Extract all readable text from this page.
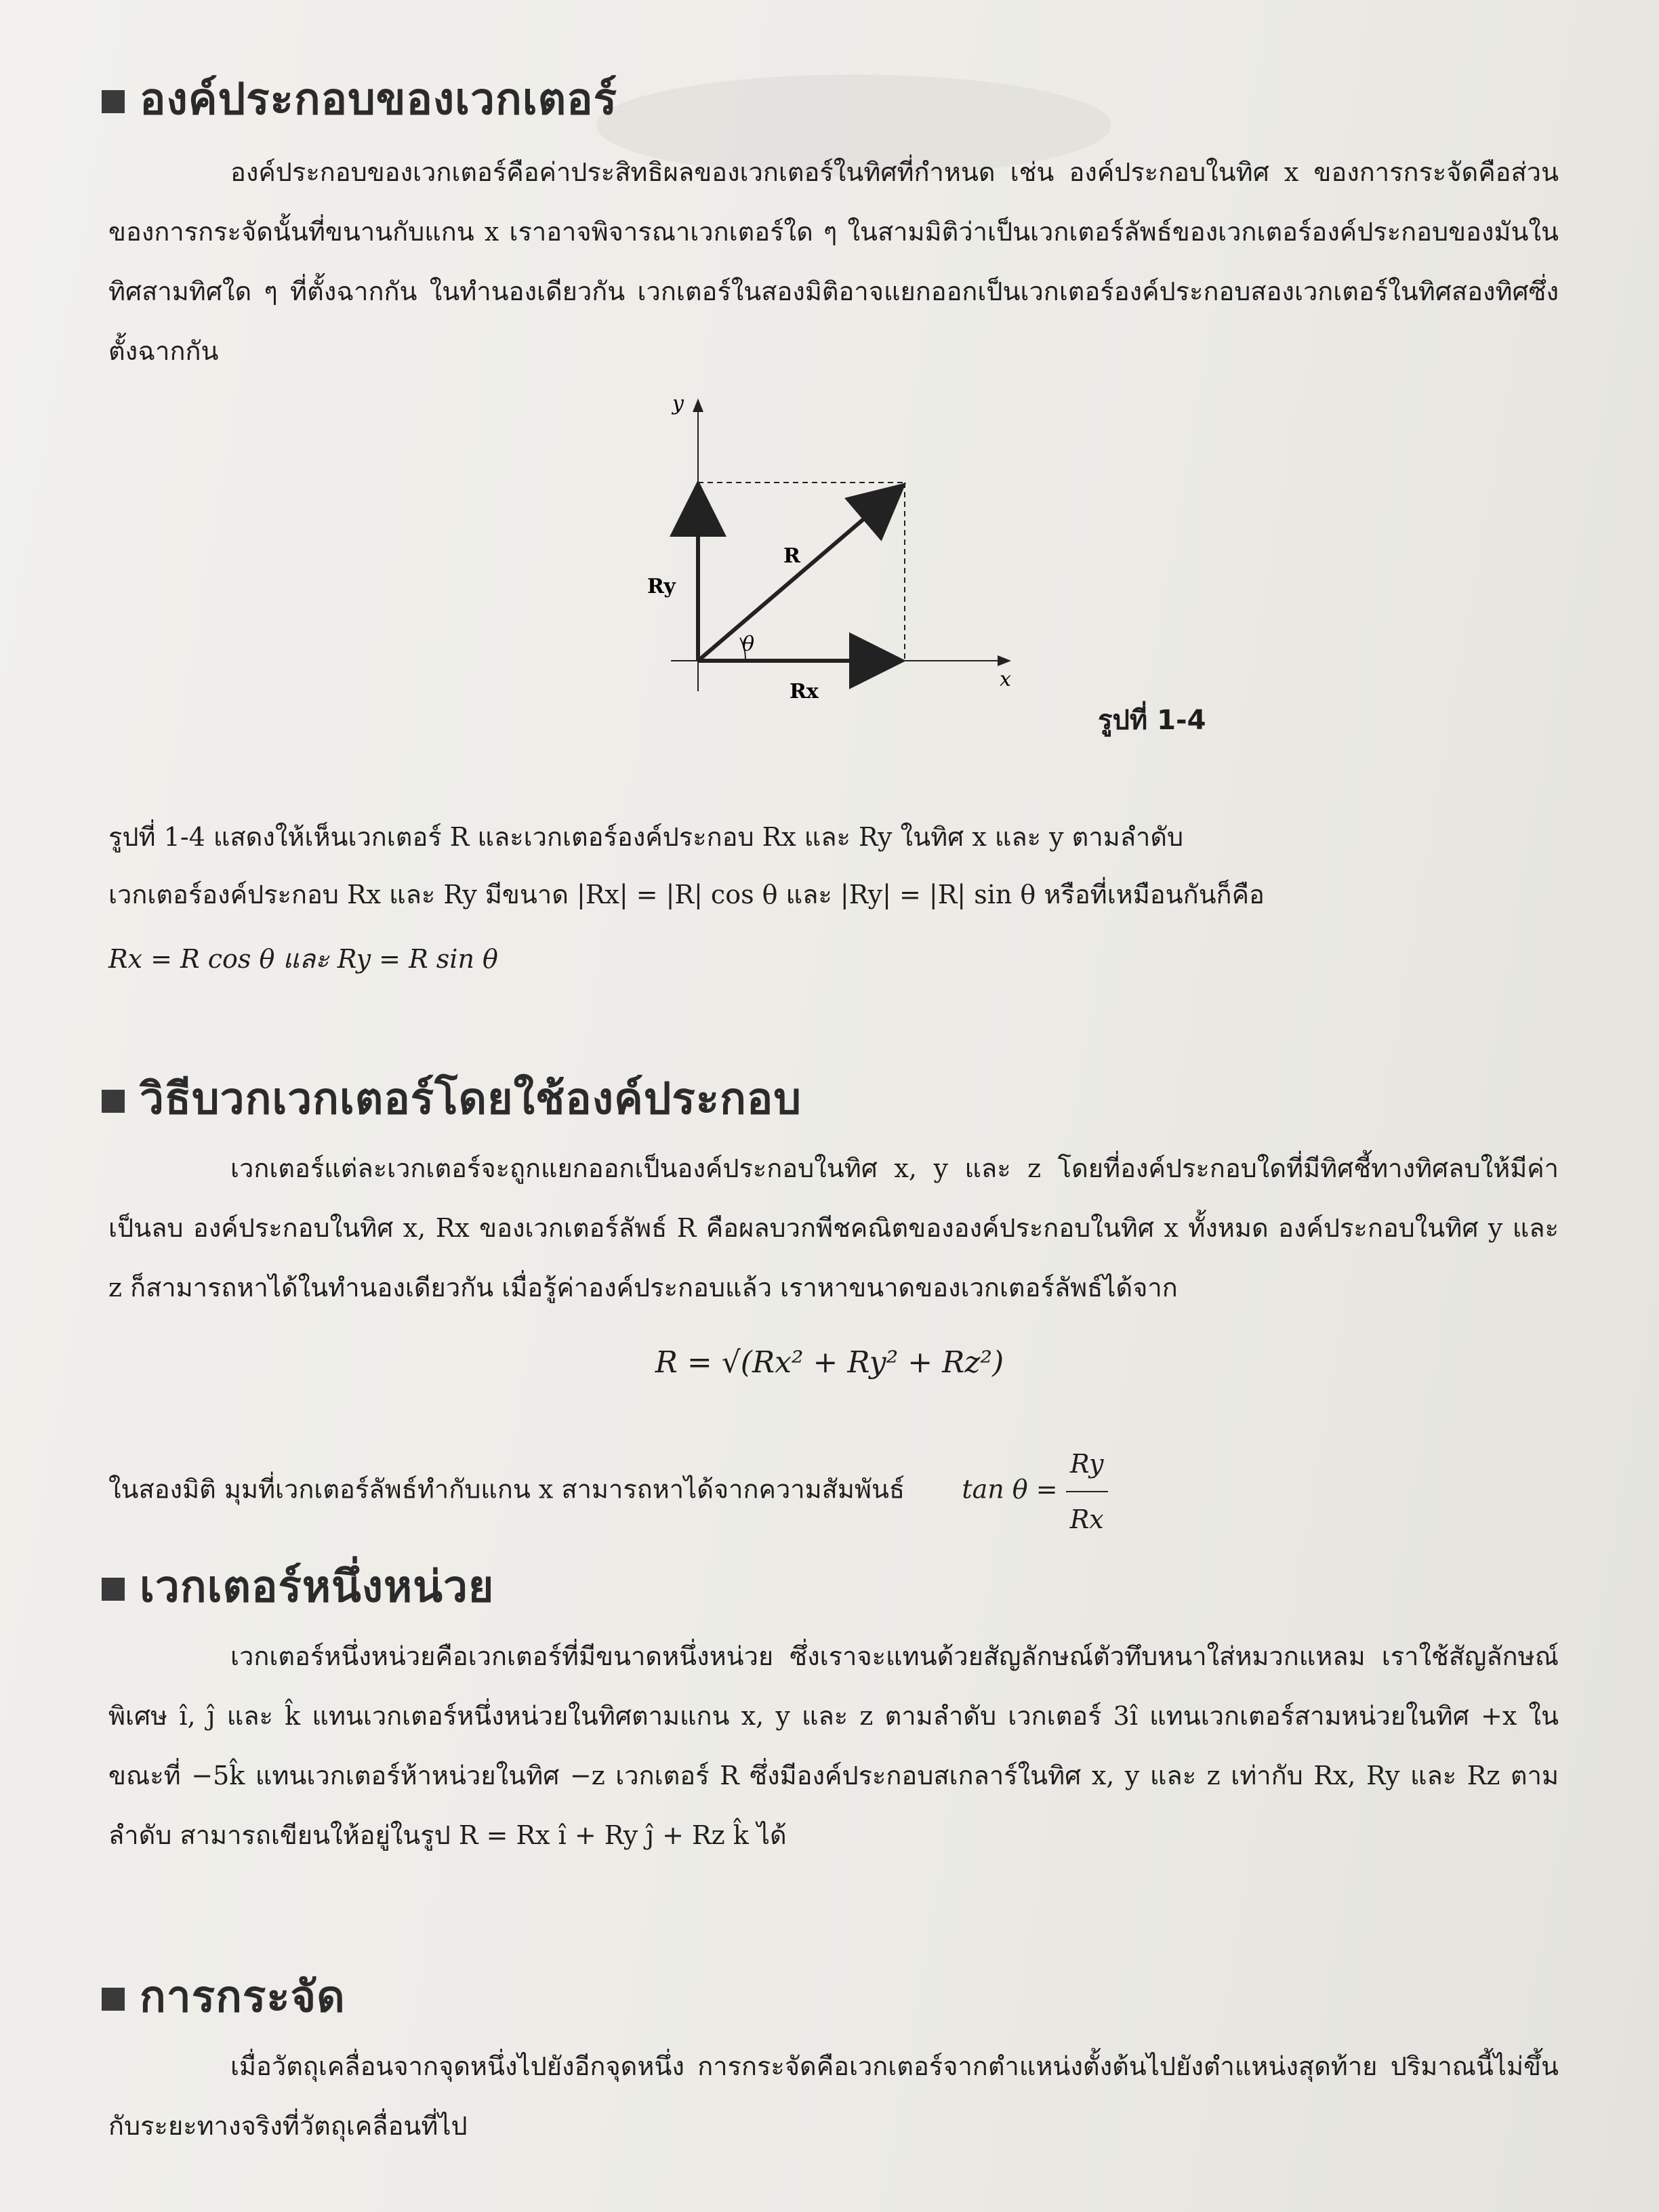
องค์ประกอบของเวกเตอร์
องค์ประกอบของเวกเตอร์คือค่าประสิทธิผลของเวกเตอร์ในทิศที่กำหนด เช่น องค์ประกอบในทิศ x ของการกระจัดคือส่วนของการกระจัดนั้นที่ขนานกับแกน x เราอาจพิจารณาเวกเตอร์ใด ๆ ในสามมิติว่าเป็นเวกเตอร์ลัพธ์ของเวกเตอร์องค์ประกอบของมันในทิศสามทิศใด ๆ ที่ตั้งฉากกัน ในทำนองเดียวกัน เวกเตอร์ในสองมิติอาจแยกออกเป็นเวกเตอร์องค์ประกอบสองเวกเตอร์ในทิศสองทิศซึ่งตั้งฉากกัน
y
x
R
Ry
Rx
θ
รูปที่ 1-4
รูปที่ 1-4 แสดงให้เห็นเวกเตอร์ R และเวกเตอร์องค์ประกอบ Rx และ Ry ในทิศ x และ y ตามลำดับ
เวกเตอร์องค์ประกอบ Rx และ Ry มีขนาด |Rx| = |R| cos θ และ |Ry| = |R| sin θ หรือที่เหมือนกันก็คือ
Rx = R cos θ และ Ry = R sin θ
วิธีบวกเวกเตอร์โดยใช้องค์ประกอบ
เวกเตอร์แต่ละเวกเตอร์จะถูกแยกออกเป็นองค์ประกอบในทิศ x, y และ z โดยที่องค์ประกอบใดที่มีทิศชี้ทางทิศลบให้มีค่าเป็นลบ องค์ประกอบในทิศ x, Rx ของเวกเตอร์ลัพธ์ R คือผลบวกพีชคณิตขององค์ประกอบในทิศ x ทั้งหมด องค์ประกอบในทิศ y และ z ก็สามารถหาได้ในทำนองเดียวกัน เมื่อรู้ค่าองค์ประกอบแล้ว เราหาขนาดของเวกเตอร์ลัพธ์ได้จาก
R = √(Rx² + Ry² + Rz²)
ในสองมิติ มุมที่เวกเตอร์ลัพธ์ทำกับแกน x สามารถหาได้จากความสัมพันธ์ $\tan \theta = \frac{Ry}{Rx}$
เวกเตอร์หนึ่งหน่วย
เวกเตอร์หนึ่งหน่วยคือเวกเตอร์ที่มีขนาดหนึ่งหน่วย ซึ่งเราจะแทนด้วยสัญลักษณ์ตัวทึบหนาใส่หมวกแหลม เราใช้สัญลักษณ์พิเศษ î, ĵ และ k̂ แทนเวกเตอร์หนึ่งหน่วยในทิศตามแกน x, y และ z ตามลำดับ เวกเตอร์ 3î แทนเวกเตอร์สามหน่วยในทิศ +x ในขณะที่ −5k̂ แทนเวกเตอร์ห้าหน่วยในทิศ −z เวกเตอร์ R ซึ่งมีองค์ประกอบสเกลาร์ในทิศ x, y และ z เท่ากับ Rx, Ry และ Rz ตามลำดับ สามารถเขียนให้อยู่ในรูป R = Rx î + Ry ĵ + Rz k̂ ได้
การกระจัด
เมื่อวัตถุเคลื่อนจากจุดหนึ่งไปยังอีกจุดหนึ่ง การกระจัดคือเวกเตอร์จากตำแหน่งตั้งต้นไปยังตำแหน่งสุดท้าย ปริมาณนี้ไม่ขึ้นกับระยะทางจริงที่วัตถุเคลื่อนที่ไป
